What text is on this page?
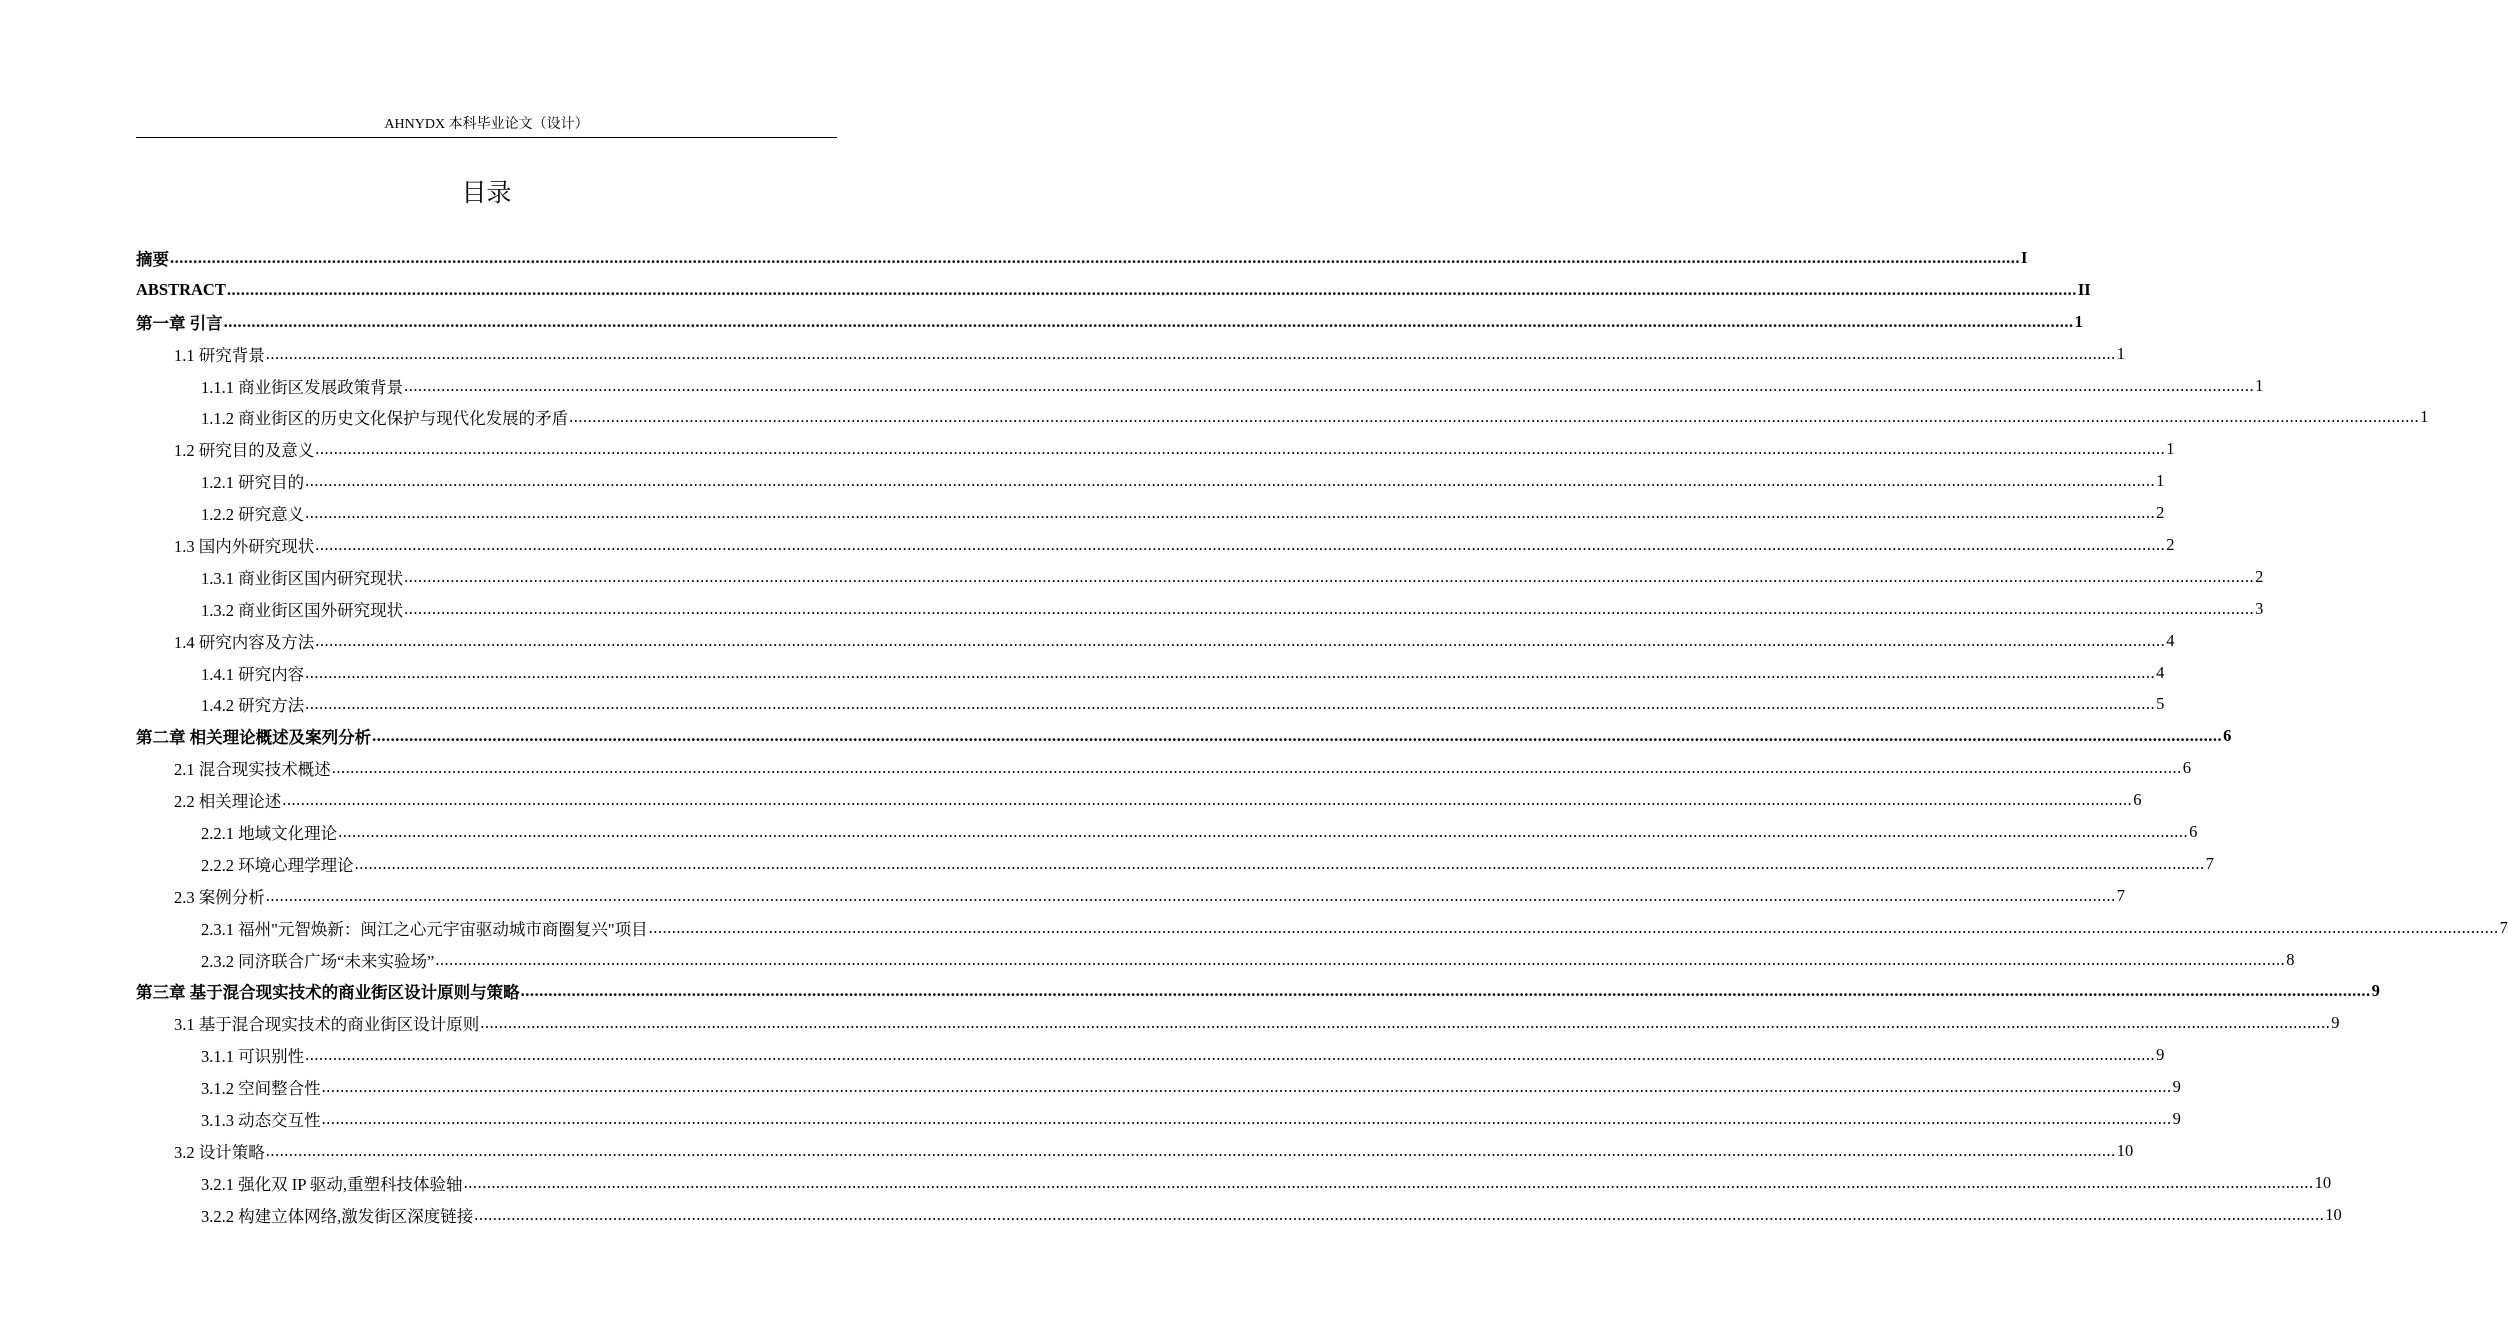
AHNYDX 本科毕业论文（设计）
目录
摘要 ................................................................................................................................................................................................................................................................................................................................................................................................................ I
ABSTRACT ................................................................................................................................................................................................................................................................................................................................................................................................................ II
第一章 引言 ................................................................................................................................................................................................................................................................................................................................................................................................................ 1
1.1 研究背景 ................................................................................................................................................................................................................................................................................................................................................................................................................ 1
1.1.1 商业街区发展政策背景 ................................................................................................................................................................................................................................................................................................................................................................................................................ 1
1.1.2 商业街区的历史文化保护与现代化发展的矛盾 ................................................................................................................................................................................................................................................................................................................................................................................................................ 1
1.2 研究目的及意义 ................................................................................................................................................................................................................................................................................................................................................................................................................ 1
1.2.1 研究目的 ................................................................................................................................................................................................................................................................................................................................................................................................................ 1
1.2.2 研究意义 ................................................................................................................................................................................................................................................................................................................................................................................................................ 2
1.3 国内外研究现状 ................................................................................................................................................................................................................................................................................................................................................................................................................ 2
1.3.1 商业街区国内研究现状 ................................................................................................................................................................................................................................................................................................................................................................................................................ 2
1.3.2 商业街区国外研究现状 ................................................................................................................................................................................................................................................................................................................................................................................................................ 3
1.4 研究内容及方法 ................................................................................................................................................................................................................................................................................................................................................................................................................ 4
1.4.1 研究内容 ................................................................................................................................................................................................................................................................................................................................................................................................................ 4
1.4.2 研究方法 ................................................................................................................................................................................................................................................................................................................................................................................................................ 5
第二章 相关理论概述及案列分析 ................................................................................................................................................................................................................................................................................................................................................................................................................ 6
2.1 混合现实技术概述 ................................................................................................................................................................................................................................................................................................................................................................................................................ 6
2.2 相关理论述 ................................................................................................................................................................................................................................................................................................................................................................................................................ 6
2.2.1 地域文化理论 ................................................................................................................................................................................................................................................................................................................................................................................................................ 6
2.2.2 环境心理学理论 ................................................................................................................................................................................................................................................................................................................................................................................................................ 7
2.3 案例分析 ................................................................................................................................................................................................................................................................................................................................................................................................................ 7
2.3.1 福州"元智焕新：闽江之心元宇宙驱动城市商圈复兴"项目 ................................................................................................................................................................................................................................................................................................................................................................................................................ 7
2.3.2 同济联合广场“未来实验场” ................................................................................................................................................................................................................................................................................................................................................................................................................ 8
第三章 基于混合现实技术的商业街区设计原则与策略 ................................................................................................................................................................................................................................................................................................................................................................................................................ 9
3.1 基于混合现实技术的商业街区设计原则 ................................................................................................................................................................................................................................................................................................................................................................................................................ 9
3.1.1 可识别性 ................................................................................................................................................................................................................................................................................................................................................................................................................ 9
3.1.2 空间整合性 ................................................................................................................................................................................................................................................................................................................................................................................................................ 9
3.1.3 动态交互性 ................................................................................................................................................................................................................................................................................................................................................................................................................ 9
3.2 设计策略 ................................................................................................................................................................................................................................................................................................................................................................................................................ 10
3.2.1 强化双 IP 驱动,重塑科技体验轴 ................................................................................................................................................................................................................................................................................................................................................................................................................ 10
3.2.2 构建立体网络,激发街区深度链接 ................................................................................................................................................................................................................................................................................................................................................................................................................ 10
